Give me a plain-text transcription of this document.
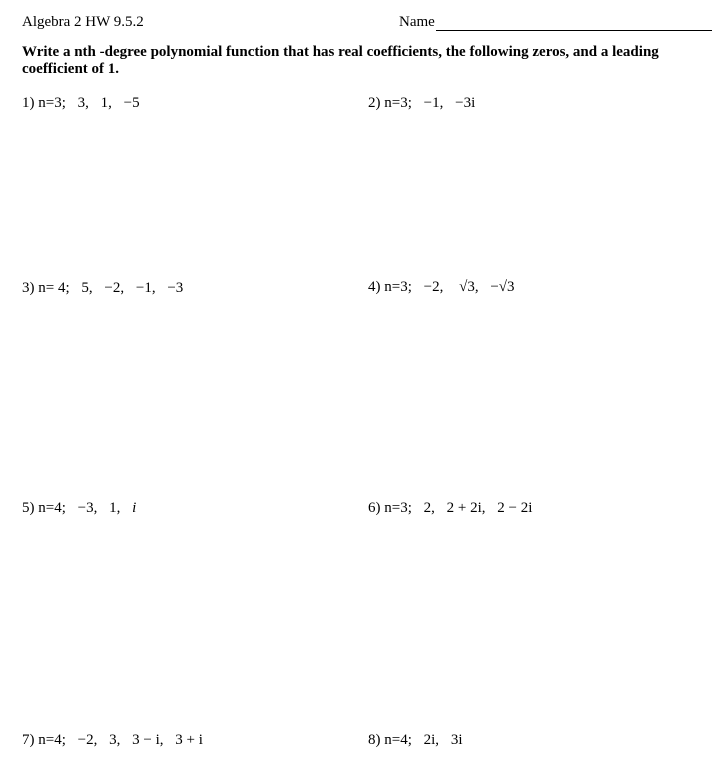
Algebra 2 HW 9.5.2	Name
Write a nth -degree polynomial function that has real coefficients, the following zeros, and a leading coefficient of 1.
1) n=3; 3, 1, −5	2) n=3; −1, −3i
3) n= 4; 5, −2, −1, −3	4) n=3; −2, √3, −√3
5) n=4; −3, 1, i	6) n=3; 2, 2 + 2i, 2 − 2i
7) n=4; −2, 3, 3 − i, 3 + i	8) n=4; 2i, 3i
